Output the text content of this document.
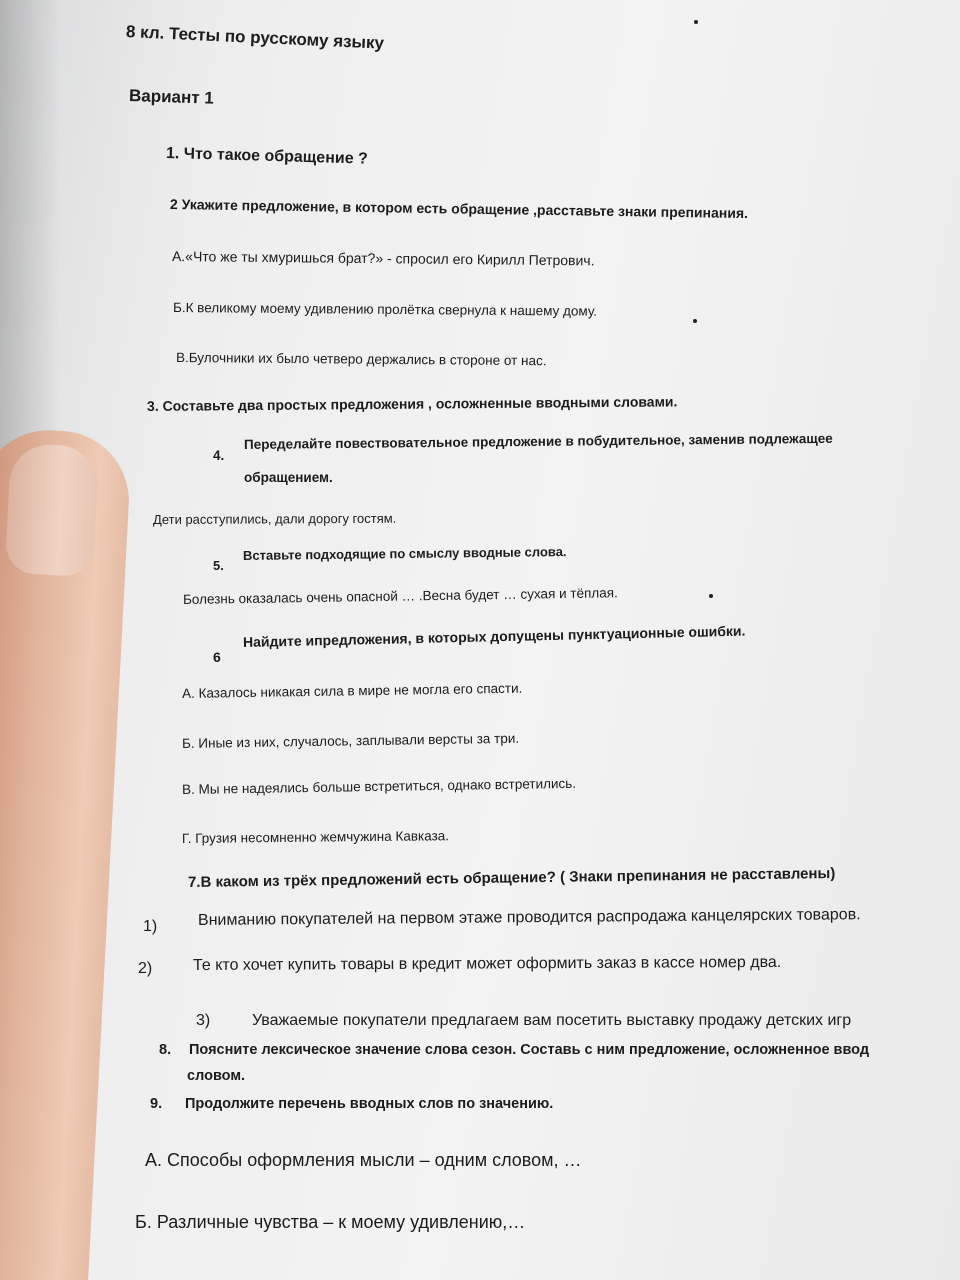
8 кл. Тесты по русскому языку
Вариант 1
1. Что такое обращение ?
2 Укажите предложение, в котором есть обращение ,расставьте знаки препинания.
А.«Что же ты хмуришься брат?» - спросил его Кирилл Петрович.
Б.К великому моему удивлению пролётка свернула к нашему дому.
В.Булочники их было четверо держались в стороне от нас.
3. Составьте два простых предложения , осложненные вводными словами.
4.
Переделайте повествовательное предложение в побудительное, заменив подлежащее
обращением.
Дети расступились, дали дорогу гостям.
5.
Вставьте подходящие по смыслу вводные слова.
Болезнь оказалась очень опасной … .Весна будет … сухая и тёплая.
6
Найдите ипредложения, в которых допущены пунктуационные ошибки.
А. Казалось никакая сила в мире не могла его спасти.
Б. Иные из них, случалось, заплывали версты за три.
В. Мы не надеялись больше встретиться, однако встретились.
Г. Грузия несомненно жемчужина Кавказа.
7.В каком из трёх предложений есть обращение? ( Знаки препинания не расставлены)
1)	Вниманию покупателей на первом этаже проводится распродажа канцелярских товаров.
2)	Те кто хочет купить товары в кредит может оформить заказ в кассе номер два.
3)	Уважаемые покупатели предлагаем вам посетить выставку продажу детских игр
8. Поясните лексическое значение слова сезон. Составь с ним предложение, осложненное ввод
словом.
9. Продолжите перечень вводных слов по значению.
А. Способы оформления мысли – одним словом, …
Б. Различные чувства – к моему удивлению,…
